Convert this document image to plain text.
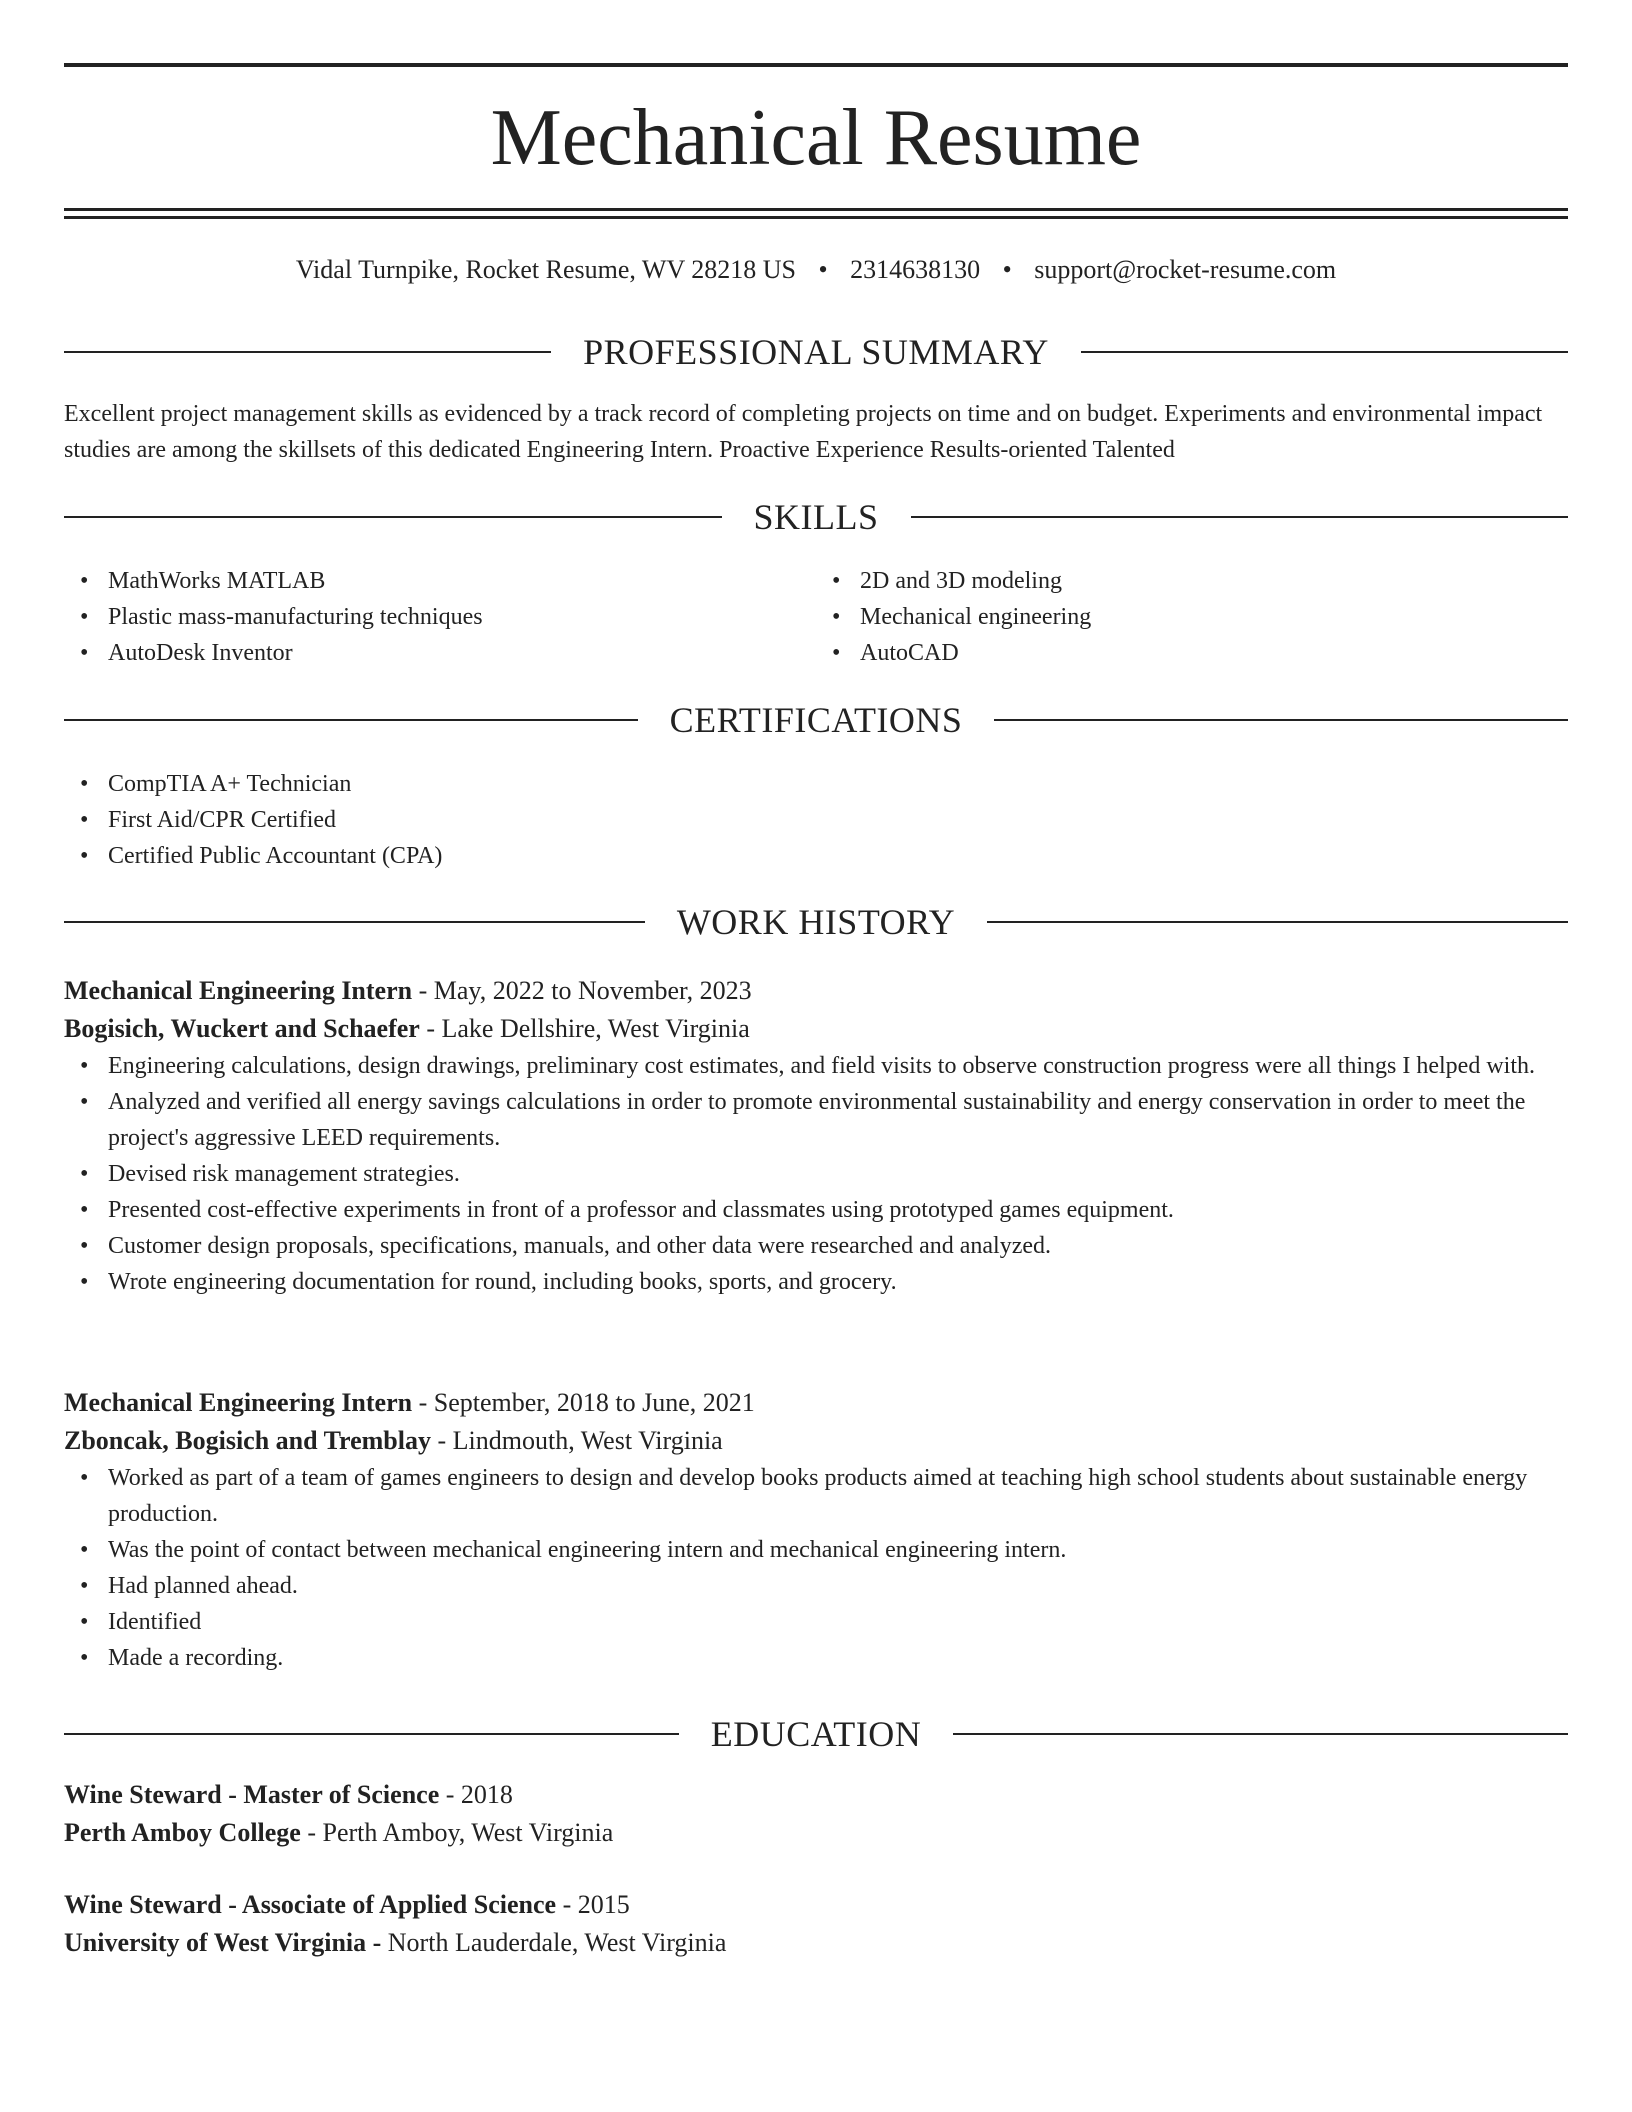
Mechanical Resume
Vidal Turnpike, Rocket Resume, WV 28218 US • 2314638130 • support@rocket-resume.com
PROFESSIONAL SUMMARY
Excellent project management skills as evidenced by a track record of completing projects on time and on budget. Experiments and environmental impact studies are among the skillsets of this dedicated Engineering Intern. Proactive Experience Results-oriented Talented
SKILLS
• MathWorks MATLAB
• Plastic mass-manufacturing techniques
• AutoDesk Inventor
• 2D and 3D modeling
• Mechanical engineering
• AutoCAD
CERTIFICATIONS
• CompTIA A+ Technician
• First Aid/CPR Certified
• Certified Public Accountant (CPA)
WORK HISTORY
Mechanical Engineering Intern - May, 2022 to November, 2023
Bogisich, Wuckert and Schaefer - Lake Dellshire, West Virginia
• Engineering calculations, design drawings, preliminary cost estimates, and field visits to observe construction progress were all things I helped with.
• Analyzed and verified all energy savings calculations in order to promote environmental sustainability and energy conservation in order to meet the project's aggressive LEED requirements.
• Devised risk management strategies.
• Presented cost-effective experiments in front of a professor and classmates using prototyped games equipment.
• Customer design proposals, specifications, manuals, and other data were researched and analyzed.
• Wrote engineering documentation for round, including books, sports, and grocery.
Mechanical Engineering Intern - September, 2018 to June, 2021
Zboncak, Bogisich and Tremblay - Lindmouth, West Virginia
• Worked as part of a team of games engineers to design and develop books products aimed at teaching high school students about sustainable energy production.
• Was the point of contact between mechanical engineering intern and mechanical engineering intern.
• Had planned ahead.
• Identified
• Made a recording.
EDUCATION
Wine Steward - Master of Science - 2018
Perth Amboy College - Perth Amboy, West Virginia
Wine Steward - Associate of Applied Science - 2015
University of West Virginia - North Lauderdale, West Virginia
